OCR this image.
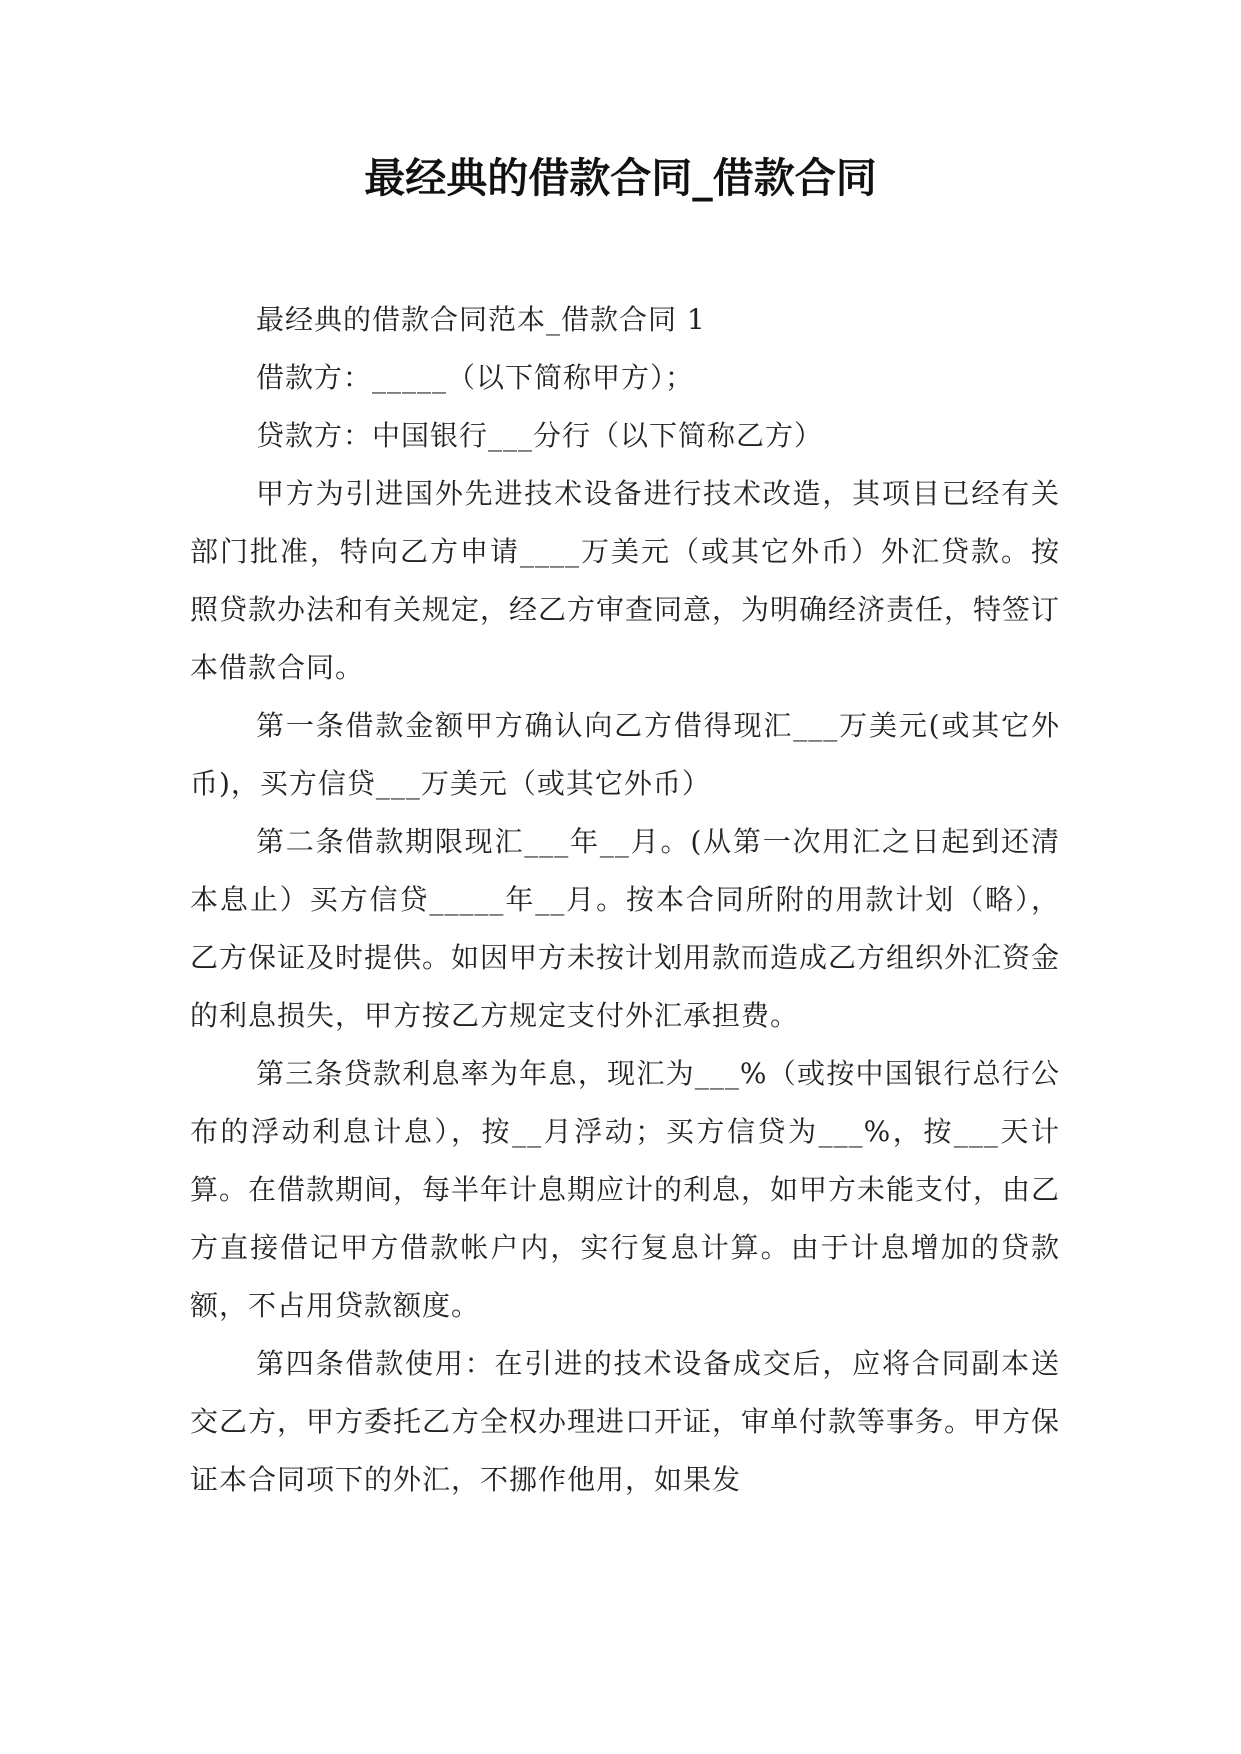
最经典的借款合同_借款合同

最经典的借款合同范本_借款合同 1

借款方：_____（以下简称甲方）；

贷款方：中国银行___分行（以下简称乙方）

甲方为引进国外先进技术设备进行技术改造，其项目已经有关部门批准，特向乙方申请____万美元（或其它外币）外汇贷款。按照贷款办法和有关规定，经乙方审查同意，为明确经济责任，特签订本借款合同。

第一条借款金额甲方确认向乙方借得现汇___万美元(或其它外币)，买方信贷___万美元（或其它外币）

第二条借款期限现汇___年__月。(从第一次用汇之日起到还清本息止）买方信贷_____年__月。按本合同所附的用款计划（略），乙方保证及时提供。如因甲方未按计划用款而造成乙方组织外汇资金的利息损失，甲方按乙方规定支付外汇承担费。

第三条贷款利息率为年息，现汇为___%（或按中国银行总行公布的浮动利息计息），按__月浮动；买方信贷为___%，按___天计算。在借款期间，每半年计息期应计的利息，如甲方未能支付，由乙方直接借记甲方借款帐户内，实行复息计算。由于计息增加的贷款额，不占用贷款额度。

第四条借款使用：在引进的技术设备成交后，应将合同副本送交乙方，甲方委托乙方全权办理进口开证，审单付款等事务。甲方保证本合同项下的外汇，不挪作他用，如果发
